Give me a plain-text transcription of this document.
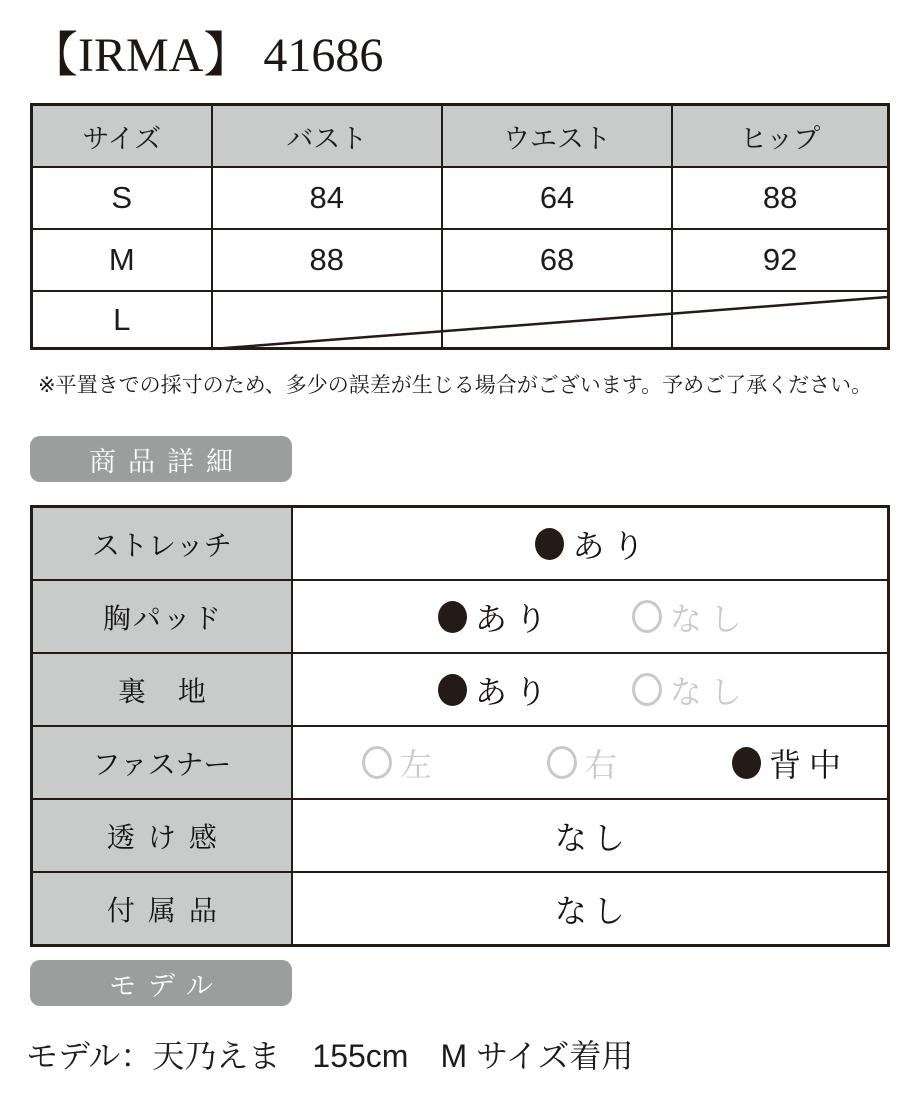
【IRMA】 41686
サイズ	バスト	ウエスト	ヒップ
S	84	64	88
M	88	68	92
L			
※平置きでの採寸のため、多少の誤差が生じる場合がございます。予めご了承ください。
商品詳細
ストレッチ	あり

胸パッド	あり なし

裏地	あり なし

ファスナー	左 右 背中

透け感	なし

付属品	なし
モデル
モデル：天乃えま　155cm　M サイズ着用
